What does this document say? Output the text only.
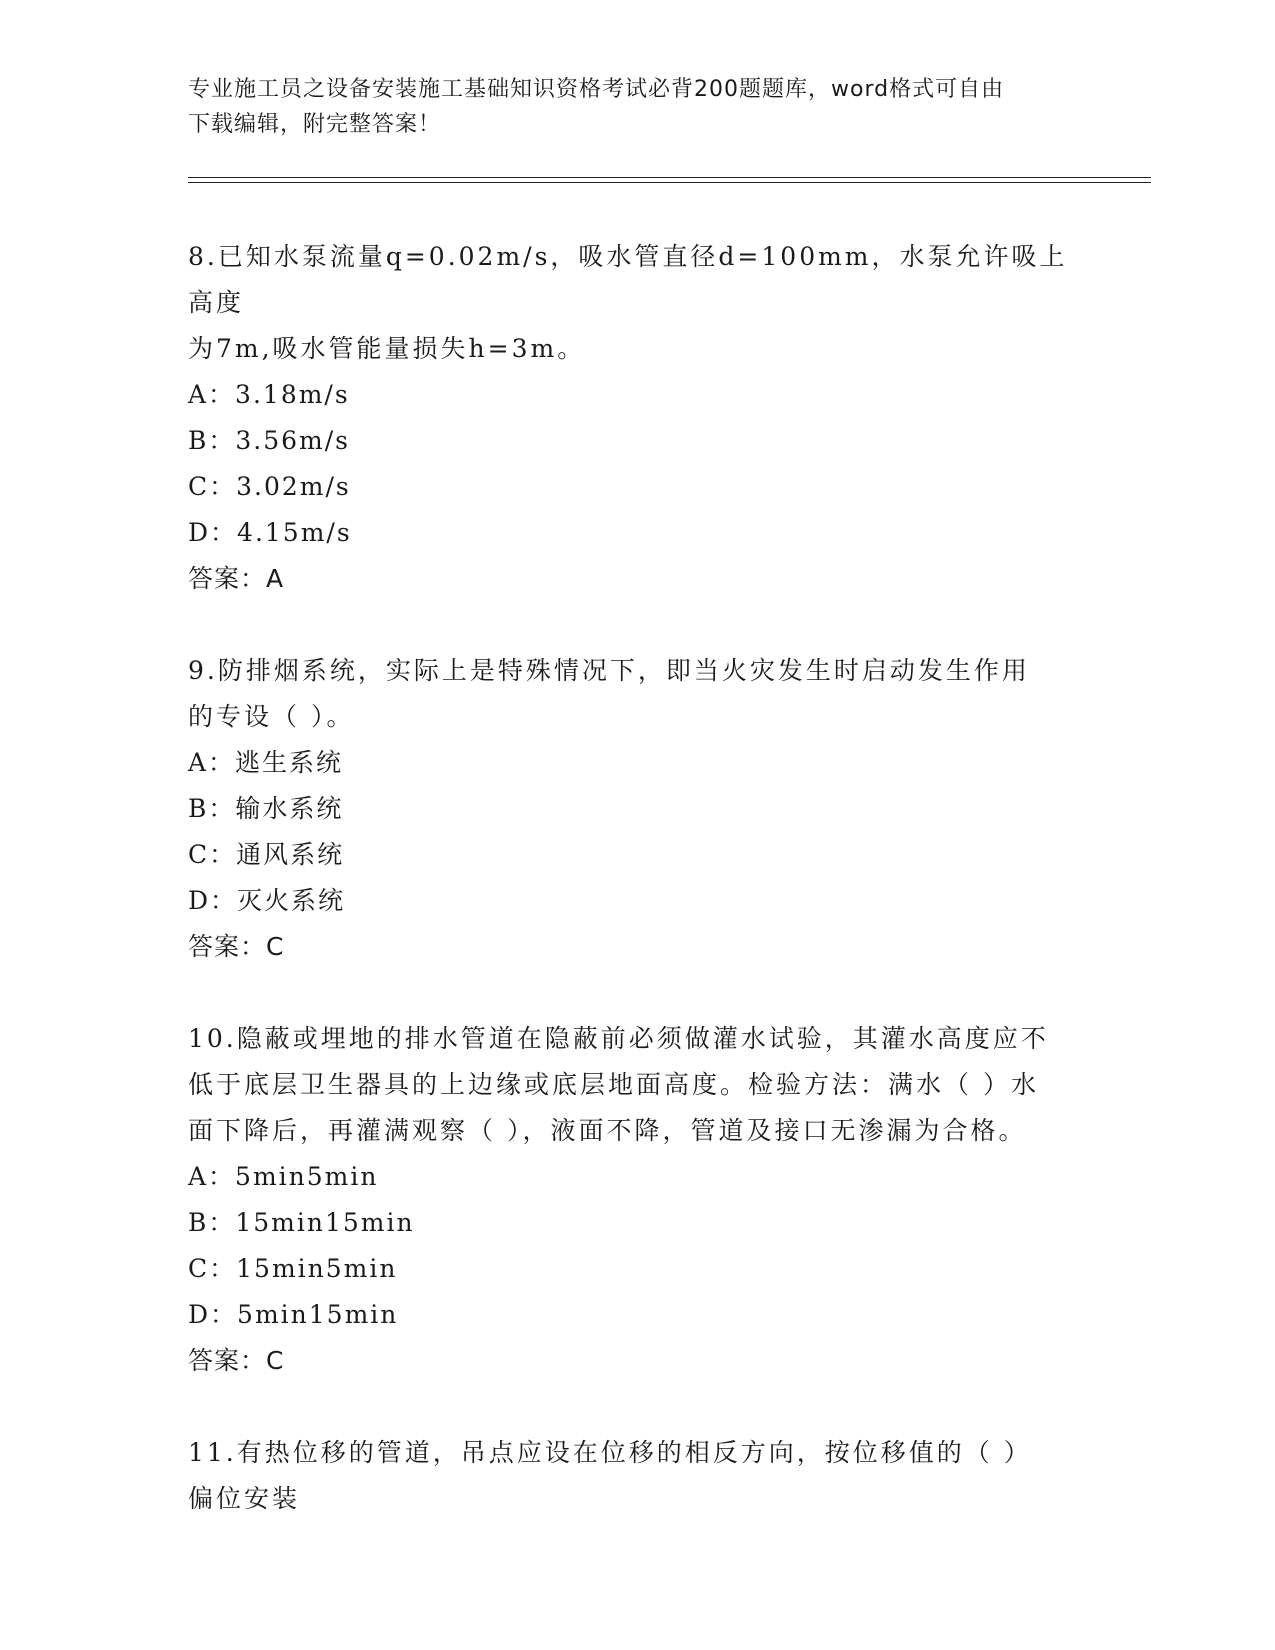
专业施工员之设备安装施工基础知识资格考试必背200题题库，word格式可自由
下载编辑，附完整答案！
8.已知水泵流量q=0.02m/s，吸水管直径d=100mm，水泵允许吸上高度
为7m,吸水管能量损失h=3m。
A：3.18m/s
B：3.56m/s
C：3.02m/s
D：4.15m/s
答案：A
9.防排烟系统，实际上是特殊情况下，即当火灾发生时启动发生作用
的专设（ ）。
A：逃生系统
B：输水系统
C：通风系统
D：灭火系统
答案：C
10.隐蔽或埋地的排水管道在隐蔽前必须做灌水试验，其灌水高度应不
低于底层卫生器具的上边缘或底层地面高度。检验方法：满水（ ）水
面下降后，再灌满观察（ ），液面不降，管道及接口无渗漏为合格。
A：5min5min
B：15min15min
C：15min5min
D：5min15min
答案：C
11.有热位移的管道，吊点应设在位移的相反方向，按位移值的（ ）
偏位安装
